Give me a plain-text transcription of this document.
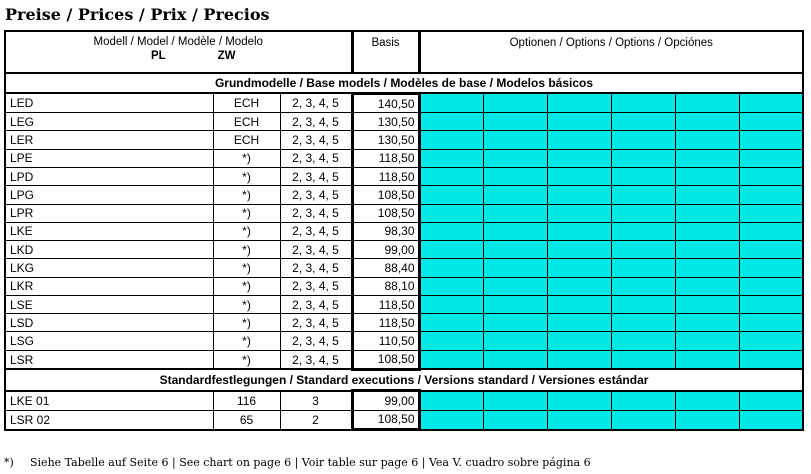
Preise / Prices / Prix / Precios
Modell / Model / Modèle / Modelo
PL ZW			Basis	Optionen / Options / Options / Opciónes					
Grundmodelle / Base models / Modèles de base / Modelos básicos									
LED	ECH	2, 3, 4, 5	140,50						
LEG	ECH	2, 3, 4, 5	130,50						
LER	ECH	2, 3, 4, 5	130,50						
LPE	*)	2, 3, 4, 5	118,50						
LPD	*)	2, 3, 4, 5	118,50						
LPG	*)	2, 3, 4, 5	108,50						
LPR	*)	2, 3, 4, 5	108,50						
LKE	*)	2, 3, 4, 5	98,30						
LKD	*)	2, 3, 4, 5	99,00						
LKG	*)	2, 3, 4, 5	88,40						
LKR	*)	2, 3, 4, 5	88,10						
LSE	*)	2, 3, 4, 5	118,50						
LSD	*)	2, 3, 4, 5	118,50						
LSG	*)	2, 3, 4, 5	110,50						
LSR	*)	2, 3, 4, 5	108,50						
Standardfestlegungen / Standard executions / Versions standard / Versiones estándar									
LKE 01	116	3	99,00						
LSR 02	65	2	108,50						
*) Siehe Tabelle auf Seite 6 | See chart on page 6 | Voir table sur page 6 | Vea V. cuadro sobre página 6
